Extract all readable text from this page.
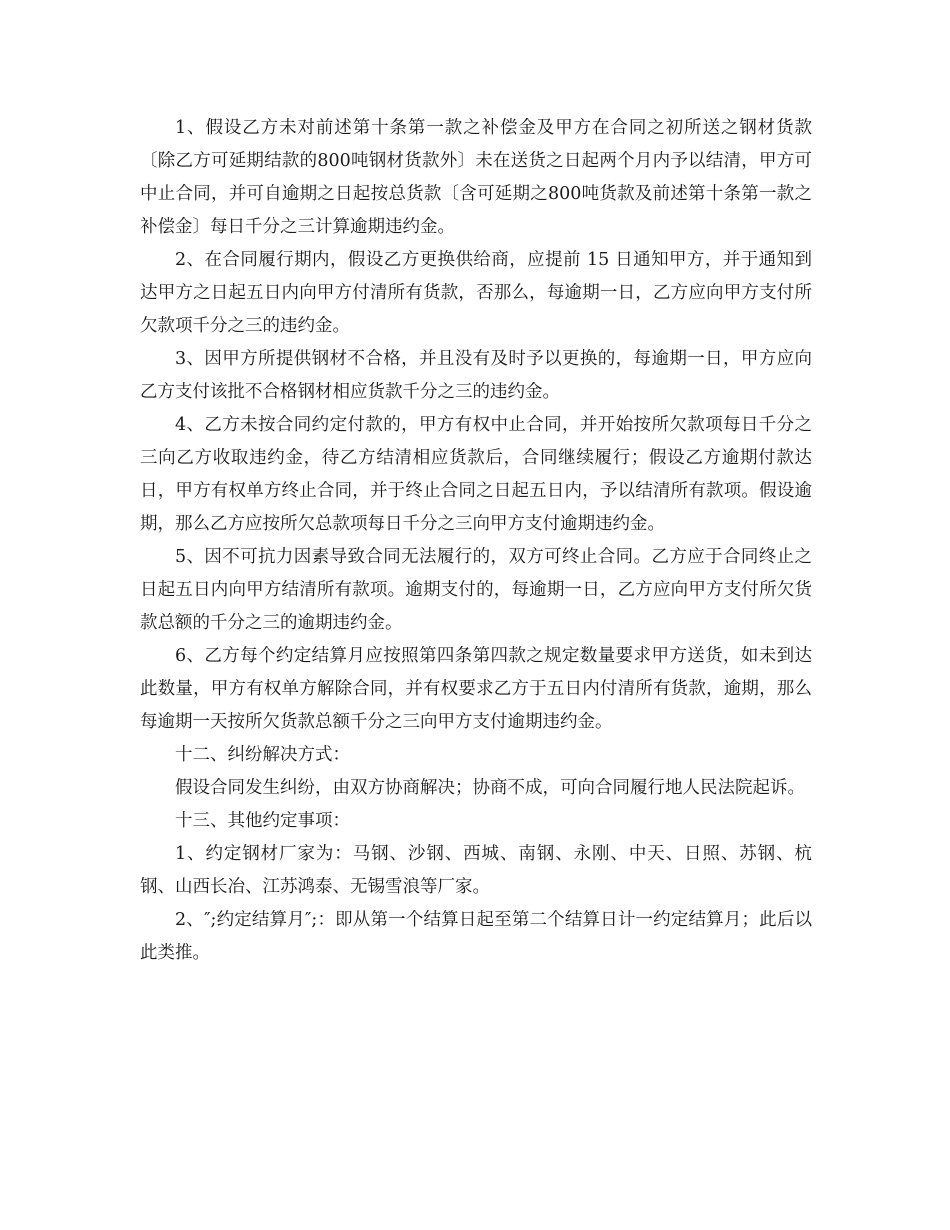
1、假设乙方未对前述第十条第一款之补偿金及甲方在合同之初所送之钢材货款〔除乙方可延期结款的800吨钢材货款外〕未在送货之日起两个月内予以结清，甲方可中止合同，并可自逾期之日起按总货款〔含可延期之800吨货款及前述第十条第一款之补偿金〕每日千分之三计算逾期违约金。

2、在合同履行期内，假设乙方更换供给商，应提前 15 日通知甲方，并于通知到达甲方之日起五日内向甲方付清所有货款，否那么，每逾期一日，乙方应向甲方支付所欠款项千分之三的违约金。

3、因甲方所提供钢材不合格，并且没有及时予以更换的，每逾期一日，甲方应向乙方支付该批不合格钢材相应货款千分之三的违约金。

4、乙方未按合同约定付款的，甲方有权中止合同，并开始按所欠款项每日千分之三向乙方收取违约金，待乙方结清相应货款后，合同继续履行；假设乙方逾期付款达 日，甲方有权单方终止合同，并于终止合同之日起五日内，予以结清所有款项。假设逾期，那么乙方应按所欠总款项每日千分之三向甲方支付逾期违约金。

5、因不可抗力因素导致合同无法履行的，双方可终止合同。乙方应于合同终止之日起五日内向甲方结清所有款项。逾期支付的，每逾期一日，乙方应向甲方支付所欠货款总额的千分之三的逾期违约金。

6、乙方每个约定结算月应按照第四条第四款之规定数量要求甲方送货，如未到达此数量，甲方有权单方解除合同，并有权要求乙方于五日内付清所有货款，逾期，那么每逾期一天按所欠货款总额千分之三向甲方支付逾期违约金。

十二、纠纷解决方式：

假设合同发生纠纷，由双方协商解决；协商不成，可向合同履行地人民法院起诉。

十三、其他约定事项：

1、约定钢材厂家为：马钢、沙钢、西城、南钢、永刚、中天、日照、苏钢、杭钢、山西长冶、江苏鸿泰、无锡雪浪等厂家。

2、″;约定结算月″;：即从第一个结算日起至第二个结算日计一约定结算月；此后以此类推。
